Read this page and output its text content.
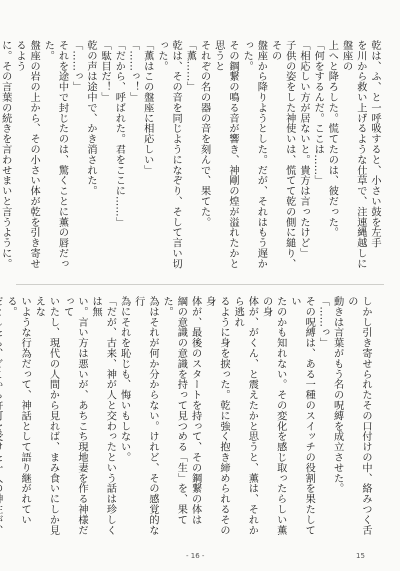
乾は、ふ、と一呼吸すると、小さい鼓を左手

を川から救い上げるような仕草で、注連縄越しに盤座の

上へと降ろした。慌てたのは、彼だった。

「何をするんだ。ここは……」

「相応しい方が居ないと。貴方は言ったけど」

子供の姿をした神使いは、慌てて乾の側に縋り、その

盤座から降りようとした。だが、それはもう遅かった。

その鋼繋の鳴る音が響き、神剛の煌が溢れたかと思うと

それぞの名の器の音を刻んで、果てた。

「薫……」

乾は、その音を同じようになぞり、そして言い切った。

「薫はこの盤座に相応しい」

「……っ！」

「だから、呼ばれた。君をここに……」

「駄目だ！」

乾の声は途中で、かき消された。

「……っ」

それを途中で封じたのは、驚くことに薫の唇だった。

盤座の岩の上から、その小さい体が乾を引き寄せるよう

に。その言葉の続きを言わせまいと言うように。

しかし引き寄せられたその口付けの中、絡みつく舌の

動きは言葉がもう名の呪縛を成立させた。

「……っ」

その呪縛は、ある一種のスイッチの役割を果たしてい

たのかも知れない。その変化を感じ取ったらしい薫の身

体が、がくん、と震えたかと思うと、薫は、それから逃れ

るように身を捩った。乾に強く抱き締められるその身

体が、最後のスタートを持って、その鋼繋の体は

綱の意識の意識を持って見つめる「生」を、果てた。

為はそれが何か分からない。けれど、その感覚的な行

為にそれを恥じも、悔いもしない。

「だが、古来、神が人と交わったという話は珍しくは無

い。言い方は悪いが、あちこち現地妻を作る神様だって

いたし、現代の人間から見れば、まみ食いにしか見えな

いような行為だって、神話として語り継がれている。

- 16 -	15
